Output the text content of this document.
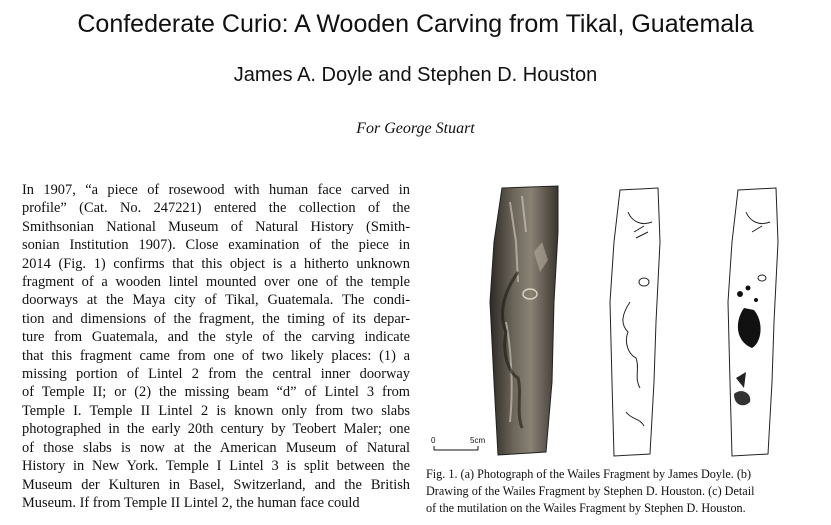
Confederate Curio: A Wooden Carving from Tikal, Guatemala
James A. Doyle and Stephen D. Houston
For George Stuart
In 1907, “a piece of rosewood with human face carved in
profile” (Cat. No. 247221) entered the collection of the
Smithsonian National Museum of Natural History (Smith-
sonian Institution 1907). Close examination of the piece in
2014 (Fig. 1) confirms that this object is a hitherto unknown
fragment of a wooden lintel mounted over one of the temple
doorways at the Maya city of Tikal, Guatemala. The condi-
tion and dimensions of the fragment, the timing of its depar-
ture from Guatemala, and the style of the carving indicate
that this fragment came from one of two likely places: (1) a
missing portion of Lintel 2 from the central inner doorway
of Temple II; or (2) the missing beam “d” of Lintel 3 from
Temple I. Temple II Lintel 2 is known only from two slabs
photographed in the early 20th century by Teobert Maler; one
of those slabs is now at the American Museum of Natural
History in New York. Temple I Lintel 3 is split between the
Museum der Kulturen in Basel, Switzerland, and the British
Museum. If from Temple II Lintel 2, the human face could
0	5cm
Fig. 1. (a) Photograph of the Wailes Fragment by James Doyle. (b)
Drawing of the Wailes Fragment by Stephen D. Houston. (c) Detail
of the mutilation on the Wailes Fragment by Stephen D. Houston.
